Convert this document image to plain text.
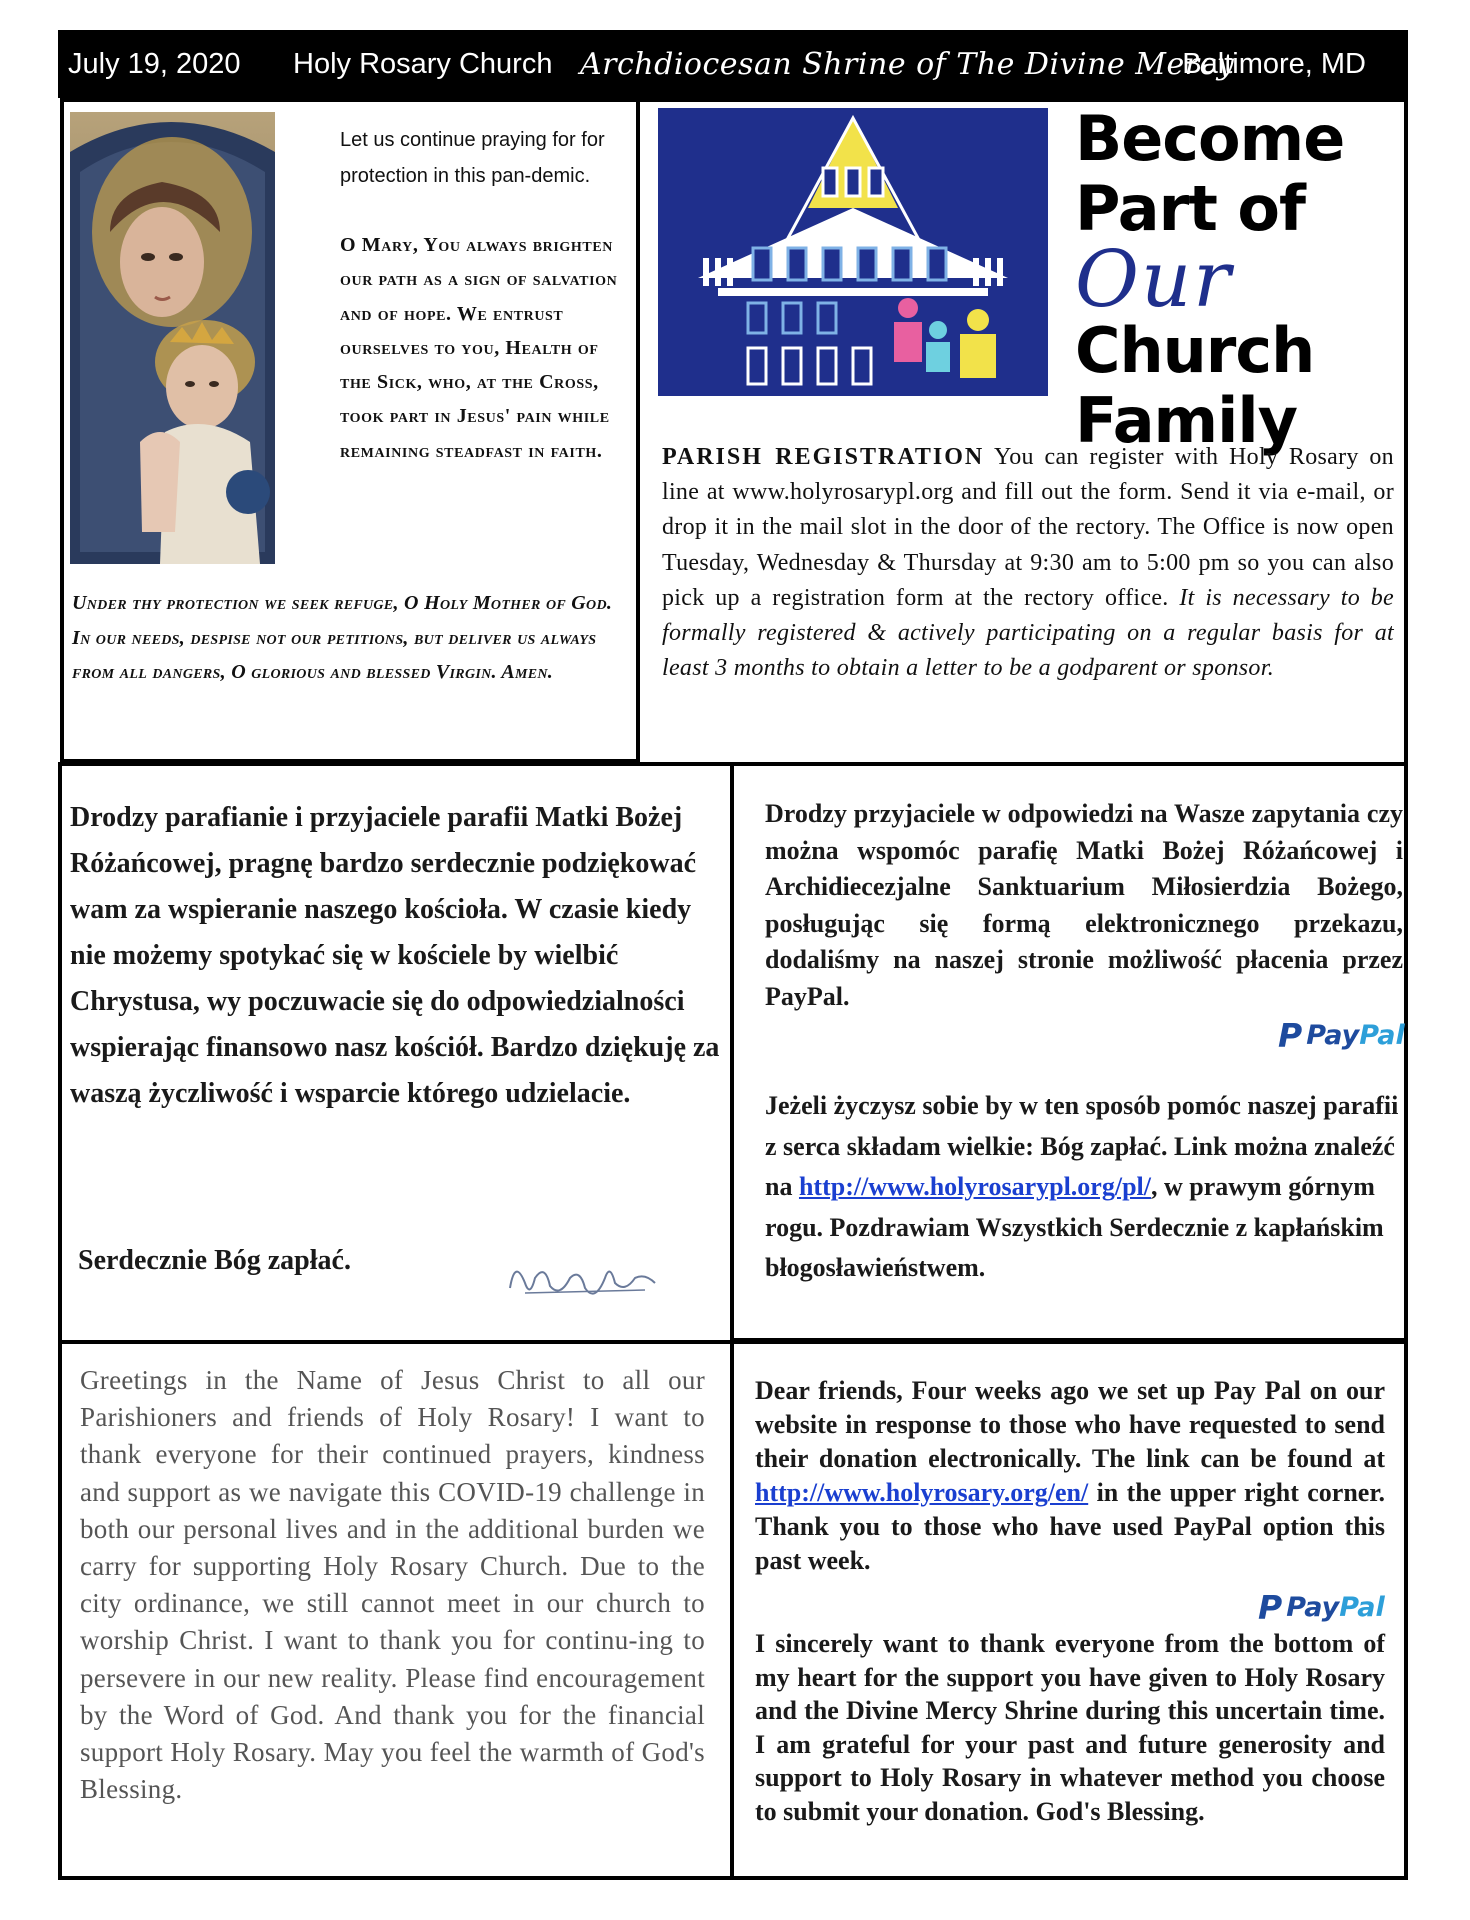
July 19, 2020 Holy Rosary Church Archdiocesan Shrine of The Divine Mercy
Baltimore, MD
Let us continue praying for for protection in this pan-demic.
O Mary, You always brighten our path as a sign of salvation and of hope. We entrust ourselves to you, Health of the Sick, who, at the Cross, took part in Jesus' pain while remaining steadfast in faith.
Under thy protection we seek refuge, O Holy Mother of God. In our needs, despise not our petitions, but deliver us always from all dangers, O glorious and blessed Virgin. Amen.
Become
Part of
Our
Church
Family
PARISH REGISTRATION You can register with Holy Rosary on line at www.holyrosarypl.org and fill out the form. Send it via e-mail, or drop it in the mail slot in the door of the rectory. The Office is now open Tuesday, Wednesday & Thursday at 9:30 am to 5:00 pm so you can also pick up a registration form at the rectory office. It is necessary to be formally registered & actively participating on a regular basis for at least 3 months to obtain a letter to be a godparent or sponsor.
Drodzy parafianie i przyjaciele parafii Matki Bożej Różańcowej, pragnę bardzo serdecznie podziękować wam za wspieranie naszego kościoła. W czasie kiedy nie możemy spotykać się w kościele by wielbić Chrystusa, wy poczuwacie się do odpowiedzialności wspierając finansowo nasz kościół. Bardzo dziękuję za waszą życzliwość i wsparcie którego udzielacie.
Serdecznie Bóg zapłać.
Drodzy przyjaciele w odpowiedzi na Wasze zapytania czy można wspomóc parafię Matki Bożej Różańcowej i Archidiecezjalne Sanktuarium Miłosierdzia Bożego, posługując się formą elektronicznego przekazu, dodaliśmy na naszej stronie możliwość płacenia przez PayPal.
P Pay Pal
Jeżeli życzysz sobie by w ten sposób pomóc naszej parafii z serca składam wielkie: Bóg zapłać. Link można znaleźć na http://www.holyrosarypl.org/pl/, w prawym górnym rogu. Pozdrawiam Wszystkich Serdecznie z kapłańskim błogosławieństwem.
Greetings in the Name of Jesus Christ to all our Parishioners and friends of Holy Rosary! I want to thank everyone for their continued prayers, kindness and support as we navigate this COVID-19 challenge in both our personal lives and in the additional burden we carry for supporting Holy Rosary Church. Due to the city ordinance, we still cannot meet in our church to worship Christ. I want to thank you for continu-ing to persevere in our new reality. Please find encouragement by the Word of God. And thank you for the financial support Holy Rosary. May you feel the warmth of God's Blessing.
Dear friends, Four weeks ago we set up Pay Pal on our website in response to those who have requested to send their donation electronically. The link can be found at http://www.holyrosary.org/en/ in the upper right corner. Thank you to those who have used PayPal option this past week.
P Pay Pal
I sincerely want to thank everyone from the bottom of my heart for the support you have given to Holy Rosary and the Divine Mercy Shrine during this uncertain time. I am grateful for your past and future generosity and support to Holy Rosary in whatever method you choose to submit your donation. God's Blessing.
